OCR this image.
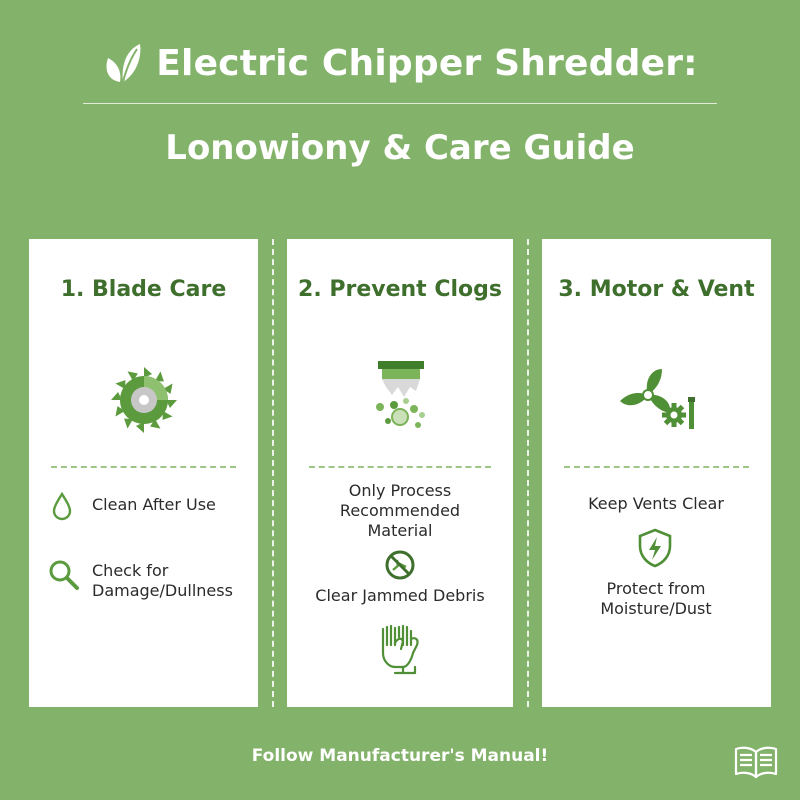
Electric Chipper Shredder:
Lonowiony & Care Guide
1. Blade Care
Clean After Use
Check for Damage/Dullness
2. Prevent Clogs
Only Process Recommended Material
Clear Jammed Debris
3. Motor & Vent
Keep Vents Clear
Protect from Moisture/Dust
Follow Manufacturer's Manual!
